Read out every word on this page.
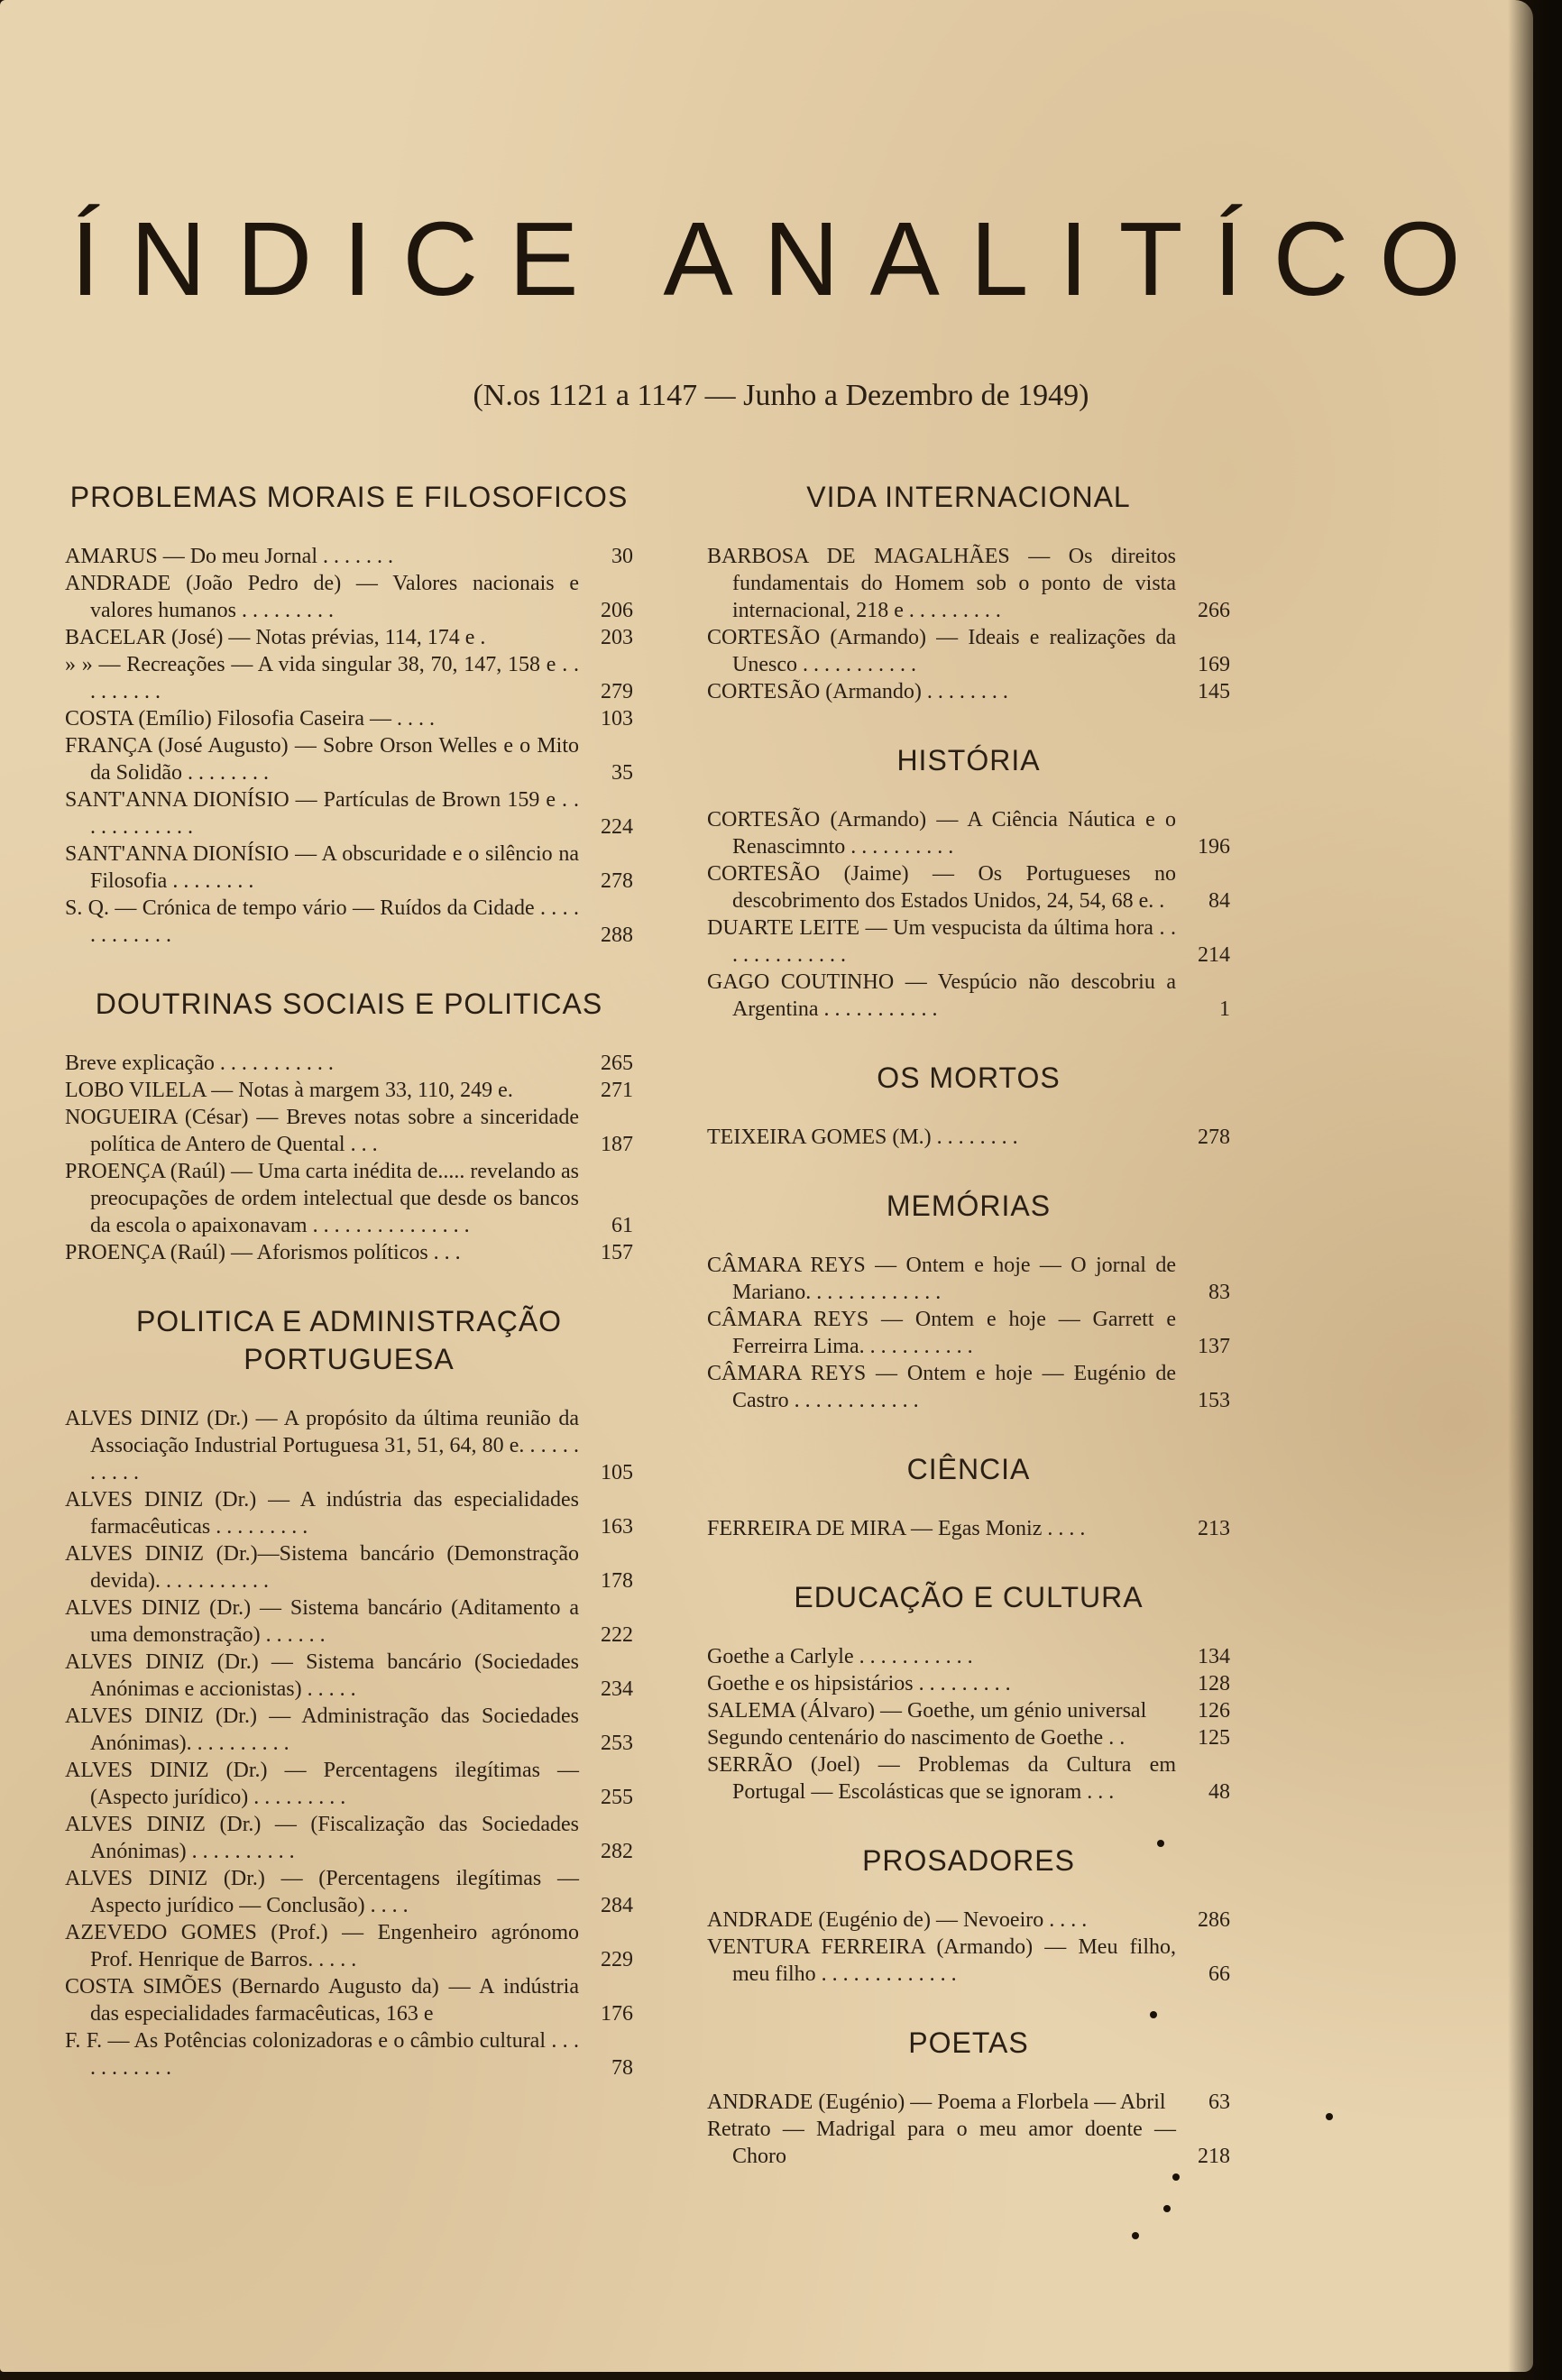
ÍNDICE ANALITÍCO
(N.os 1121 a 1147 — Junho a Dezembro de 1949)
PROBLEMAS MORAIS E FILOSOFICOS
AMARUS — Do meu Jornal . . . . . . .	30
ANDRADE (João Pedro de) — Valores nacionais e valores humanos . . . . . . . . .	206
BACELAR (José) — Notas prévias, 114, 174 e .	203
» » — Recreações — A vida singular 38, 70, 147, 158 e . . . . . . . . .	279
COSTA (Emílio) Filosofia Caseira — . . . .	103
FRANÇA (José Augusto) — Sobre Orson Welles e o Mito da Solidão . . . . . . . .	35
SANT'ANNA DIONÍSIO — Partículas de Brown 159 e . . . . . . . . . . . .	224
SANT'ANNA DIONÍSIO — A obscuridade e o silêncio na Filosofia . . . . . . . .	278
S. Q. — Crónica de tempo vário — Ruídos da Cidade . . . . . . . . . . . .	288
DOUTRINAS SOCIAIS E POLITICAS
Breve explicação . . . . . . . . . . .	265
LOBO VILELA — Notas à margem 33, 110, 249 e.	271
NOGUEIRA (César) — Breves notas sobre a sinceridade política de Antero de Quental . . .	187
PROENÇA (Raúl) — Uma carta inédita de..... revelando as preocupações de ordem intelectual que desde os bancos da escola o apaixonavam . . . . . . . . . . . . . . .	61
PROENÇA (Raúl) — Aforismos políticos . . .	157
POLITICA E ADMINISTRAÇÃO PORTUGUESA
ALVES DINIZ (Dr.) — A propósito da última reunião da Associação Industrial Portuguesa 31, 51, 64, 80 e. . . . . . . . . . .	105
ALVES DINIZ (Dr.) — A indústria das especialidades farmacêuticas . . . . . . . . .	163
ALVES DINIZ (Dr.)—Sistema bancário (Demonstração devida). . . . . . . . . . .	178
ALVES DINIZ (Dr.) — Sistema bancário (Aditamento a uma demonstração) . . . . . .	222
ALVES DINIZ (Dr.) — Sistema bancário (Sociedades Anónimas e accionistas) . . . . .	234
ALVES DINIZ (Dr.) — Administração das Sociedades Anónimas). . . . . . . . . .	253
ALVES DINIZ (Dr.) — Percentagens ilegítimas — (Aspecto jurídico) . . . . . . . . .	255
ALVES DINIZ (Dr.) — (Fiscalização das Sociedades Anónimas) . . . . . . . . . .	282
ALVES DINIZ (Dr.) — (Percentagens ilegítimas — Aspecto jurídico — Conclusão) . . . .	284
AZEVEDO GOMES (Prof.) — Engenheiro agrónomo Prof. Henrique de Barros. . . . .	229
COSTA SIMÕES (Bernardo Augusto da) — A indústria das especialidades farmacêuticas, 163 e	176
F. F. — As Potências colonizadoras e o câmbio cultural . . . . . . . . . . .	78
VIDA INTERNACIONAL
BARBOSA DE MAGALHÃES — Os direitos fundamentais do Homem sob o ponto de vista internacional, 218 e . . . . . . . . .	266
CORTESÃO (Armando) — Ideais e realizações da Unesco . . . . . . . . . . .	169
CORTESÃO (Armando) . . . . . . . .	145
HISTÓRIA
CORTESÃO (Armando) — A Ciência Náutica e o Renascimnto . . . . . . . . . .	196
CORTESÃO (Jaime) — Os Portugueses no descobrimento dos Estados Unidos, 24, 54, 68 e. .	84
DUARTE LEITE — Um vespucista da última hora . . . . . . . . . . . . .	214
GAGO COUTINHO — Vespúcio não descobriu a Argentina . . . . . . . . . . .	1
OS MORTOS
TEIXEIRA GOMES (M.) . . . . . . . .	278
MEMÓRIAS
CÂMARA REYS — Ontem e hoje — O jornal de Mariano. . . . . . . . . . . . .	83
CÂMARA REYS — Ontem e hoje — Garrett e Ferreirra Lima. . . . . . . . . . .	137
CÂMARA REYS — Ontem e hoje — Eugénio de Castro . . . . . . . . . . . .	153
CIÊNCIA
FERREIRA DE MIRA — Egas Moniz . . . .	213
EDUCAÇÃO E CULTURA
Goethe a Carlyle . . . . . . . . . . .	134
Goethe e os hipsistários . . . . . . . . .	128
SALEMA (Álvaro) — Goethe, um génio universal	126
Segundo centenário do nascimento de Goethe . .	125
SERRÃO (Joel) — Problemas da Cultura em Portugal — Escolásticas que se ignoram . . .	48
PROSADORES
ANDRADE (Eugénio de) — Nevoeiro . . . .	286
VENTURA FERREIRA (Armando) — Meu filho, meu filho . . . . . . . . . . . . .	66
POETAS
ANDRADE (Eugénio) — Poema a Florbela — Abril	63
Retrato — Madrigal para o meu amor doente — Choro	218
